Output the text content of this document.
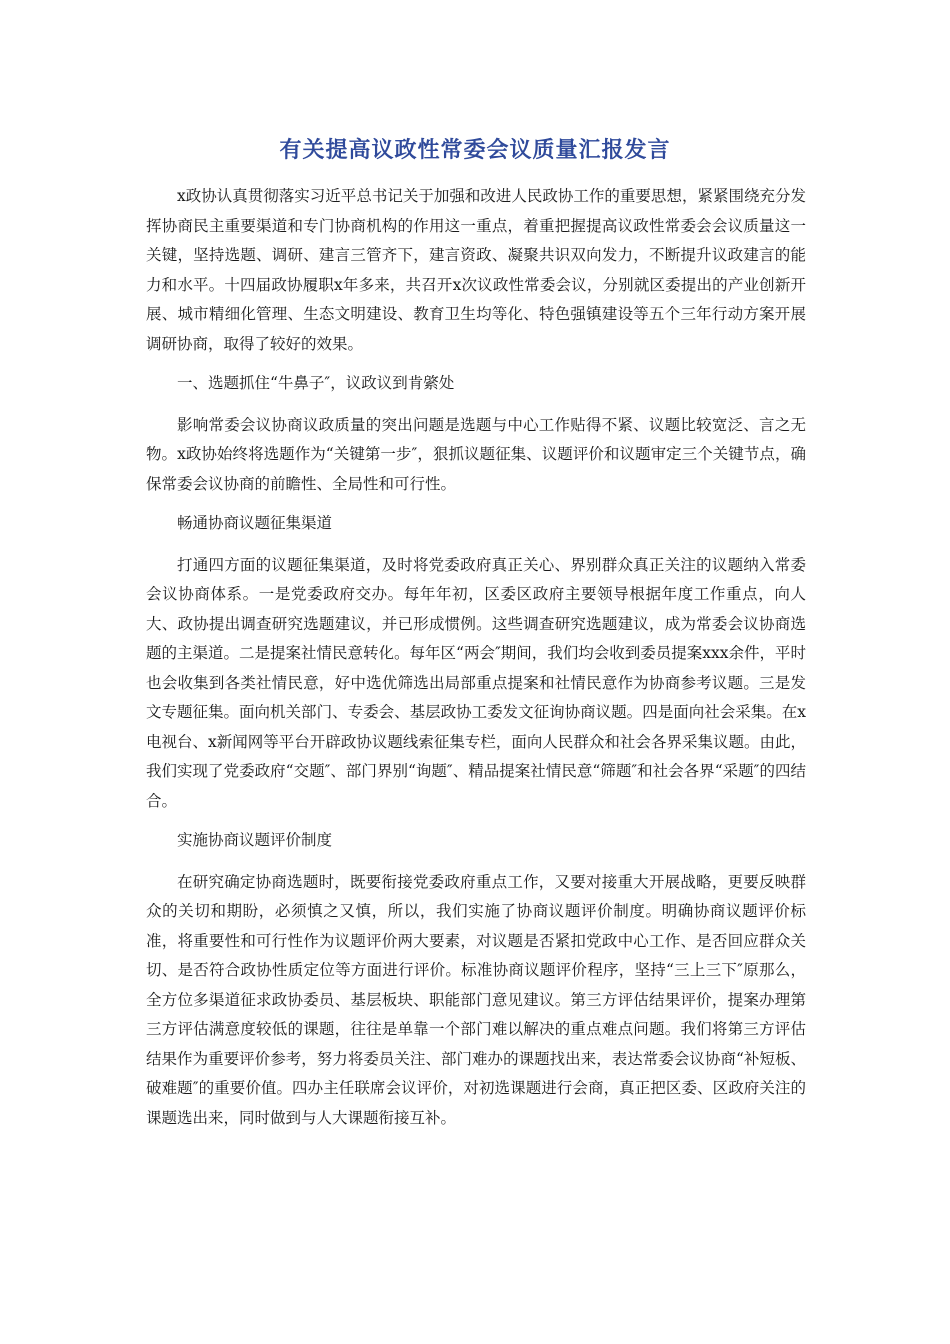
有关提高议政性常委会议质量汇报发言

x政协认真贯彻落实习近平总书记关于加强和改进人民政协工作的重要思想，紧紧围绕充分发挥协商民主重要渠道和专门协商机构的作用这一重点，着重把握提高议政性常委会会议质量这一关键，坚持选题、调研、建言三管齐下，建言资政、凝聚共识双向发力，不断提升议政建言的能力和水平。十四届政协履职x年多来，共召开x次议政性常委会议，分别就区委提出的产业创新开展、城市精细化管理、生态文明建设、教育卫生均等化、特色强镇建设等五个三年行动方案开展调研协商，取得了较好的效果。

一、选题抓住“牛鼻子″，议政议到肯綮处

影响常委会议协商议政质量的突出问题是选题与中心工作贴得不紧、议题比较宽泛、言之无物。x政协始终将选题作为“关键第一步″，狠抓议题征集、议题评价和议题审定三个关键节点，确保常委会议协商的前瞻性、全局性和可行性。

畅通协商议题征集渠道

打通四方面的议题征集渠道，及时将党委政府真正关心、界别群众真正关注的议题纳入常委会议协商体系。一是党委政府交办。每年年初，区委区政府主要领导根据年度工作重点，向人大、政协提出调查研究选题建议，并已形成惯例。这些调查研究选题建议，成为常委会议协商选题的主渠道。二是提案社情民意转化。每年区“两会″期间，我们均会收到委员提案xxx余件，平时也会收集到各类社情民意，好中选优筛选出局部重点提案和社情民意作为协商参考议题。三是发文专题征集。面向机关部门、专委会、基层政协工委发文征询协商议题。四是面向社会采集。在x电视台、x新闻网等平台开辟政协议题线索征集专栏，面向人民群众和社会各界采集议题。由此，我们实现了党委政府“交题″、部门界别“询题″、精品提案社情民意“筛题″和社会各界“采题″的四结合。

实施协商议题评价制度

在研究确定协商选题时，既要衔接党委政府重点工作，又要对接重大开展战略，更要反映群众的关切和期盼，必须慎之又慎，所以，我们实施了协商议题评价制度。明确协商议题评价标准，将重要性和可行性作为议题评价两大要素，对议题是否紧扣党政中心工作、是否回应群众关切、是否符合政协性质定位等方面进行评价。标准协商议题评价程序，坚持“三上三下″原那么，全方位多渠道征求政协委员、基层板块、职能部门意见建议。第三方评估结果评价，提案办理第三方评估满意度较低的课题，往往是单靠一个部门难以解决的重点难点问题。我们将第三方评估结果作为重要评价参考，努力将委员关注、部门难办的课题找出来，表达常委会议协商“补短板、破难题″的重要价值。四办主任联席会议评价，对初选课题进行会商，真正把区委、区政府关注的课题选出来，同时做到与人大课题衔接互补。
